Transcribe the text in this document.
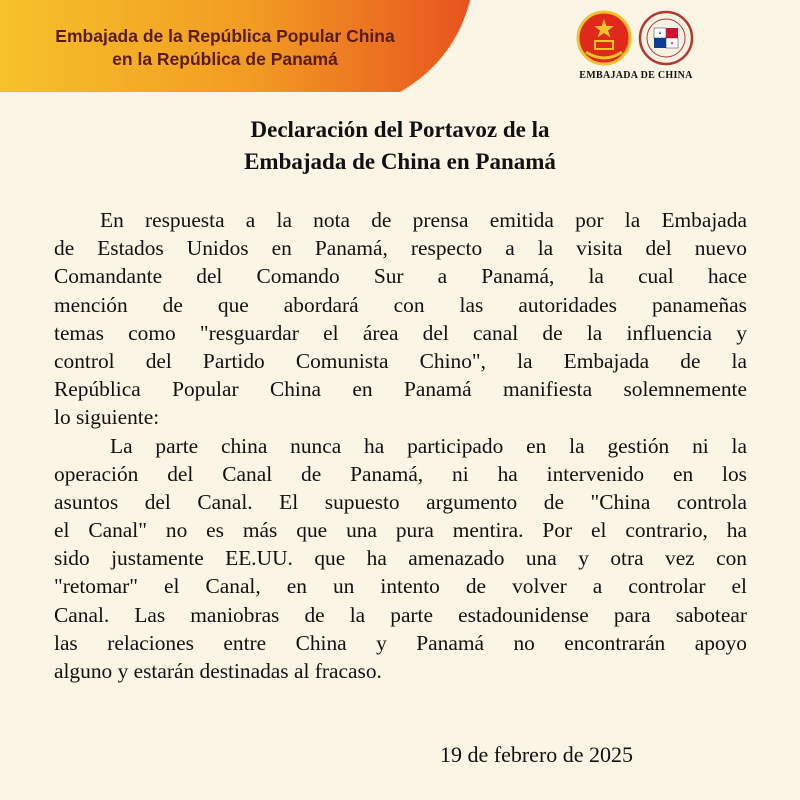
Embajada de la República Popular China
en la República de Panamá
EMBAJADA DE CHINA
Declaración del Portavoz de la
Embajada de China en Panamá
En respuesta a la nota de prensa emitida por la Embajada
de Estados Unidos en Panamá, respecto a la visita del nuevo
Comandante del Comando Sur a Panamá, la cual hace
mención de que abordará con las autoridades panameñas
temas como "resguardar el área del canal de la influencia y
control del Partido Comunista Chino", la Embajada de la
República Popular China en Panamá manifiesta solemnemente
lo siguiente:
La parte china nunca ha participado en la gestión ni la
operación del Canal de Panamá, ni ha intervenido en los
asuntos del Canal. El supuesto argumento de "China controla
el Canal" no es más que una pura mentira. Por el contrario, ha
sido justamente EE.UU. que ha amenazado una y otra vez con
"retomar" el Canal, en un intento de volver a controlar el
Canal. Las maniobras de la parte estadounidense para sabotear
las relaciones entre China y Panamá no encontrarán apoyo
alguno y estarán destinadas al fracaso.
19 de febrero de 2025
